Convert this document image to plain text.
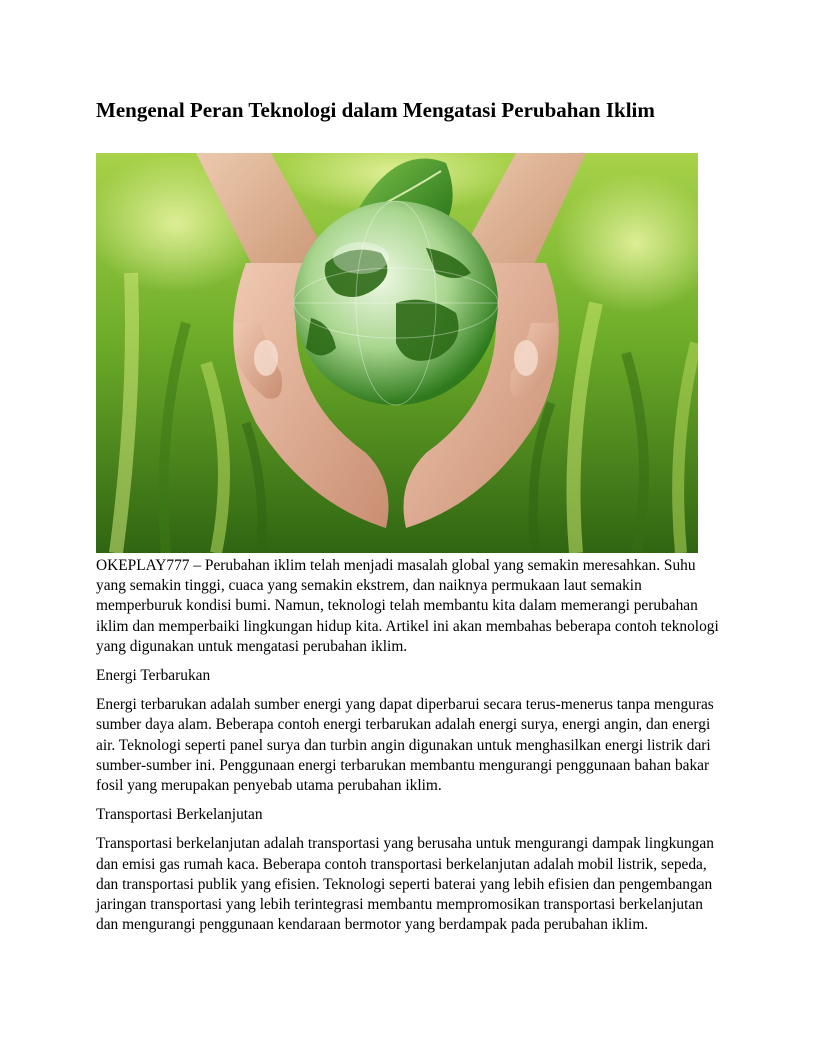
Mengenal Peran Teknologi dalam Mengatasi Perubahan Iklim

OKEPLAY777 – Perubahan iklim telah menjadi masalah global yang semakin meresahkan. Suhu yang semakin tinggi, cuaca yang semakin ekstrem, dan naiknya permukaan laut semakin memperburuk kondisi bumi. Namun, teknologi telah membantu kita dalam memerangi perubahan iklim dan memperbaiki lingkungan hidup kita. Artikel ini akan membahas beberapa contoh teknologi yang digunakan untuk mengatasi perubahan iklim.

Energi Terbarukan

Energi terbarukan adalah sumber energi yang dapat diperbarui secara terus-menerus tanpa menguras sumber daya alam. Beberapa contoh energi terbarukan adalah energi surya, energi angin, dan energi air. Teknologi seperti panel surya dan turbin angin digunakan untuk menghasilkan energi listrik dari sumber-sumber ini. Penggunaan energi terbarukan membantu mengurangi penggunaan bahan bakar fosil yang merupakan penyebab utama perubahan iklim.

Transportasi Berkelanjutan

Transportasi berkelanjutan adalah transportasi yang berusaha untuk mengurangi dampak lingkungan dan emisi gas rumah kaca. Beberapa contoh transportasi berkelanjutan adalah mobil listrik, sepeda, dan transportasi publik yang efisien. Teknologi seperti baterai yang lebih efisien dan pengembangan jaringan transportasi yang lebih terintegrasi membantu mempromosikan transportasi berkelanjutan dan mengurangi penggunaan kendaraan bermotor yang berdampak pada perubahan iklim.
